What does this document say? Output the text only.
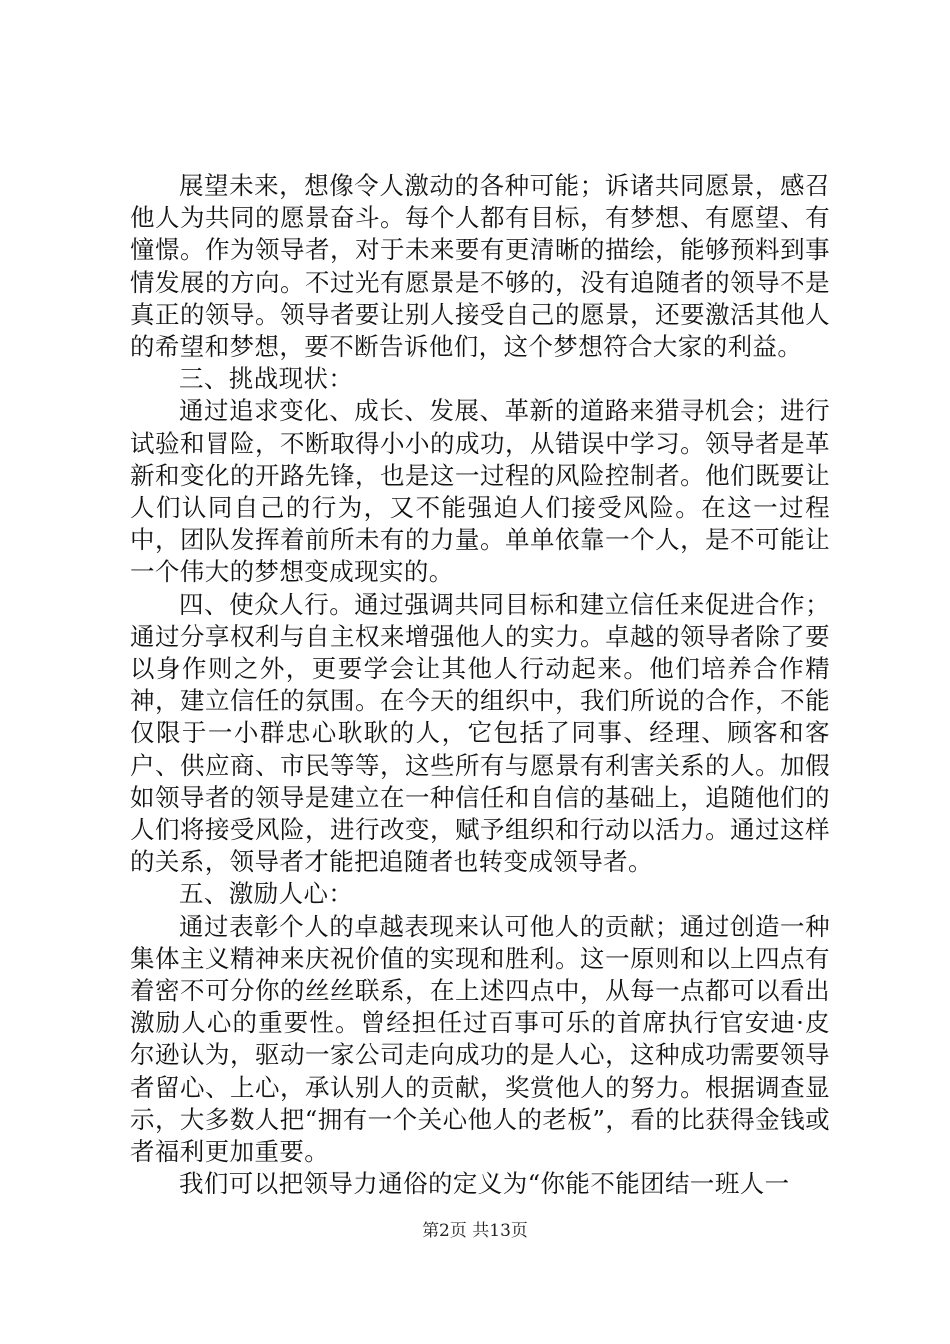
展望未来，想像令人激动的各种可能；诉诸共同愿景，感召他人为共同的愿景奋斗。每个人都有目标，有梦想、有愿望、有憧憬。作为领导者，对于未来要有更清晰的描绘，能够预料到事情发展的方向。不过光有愿景是不够的，没有追随者的领导不是真正的领导。领导者要让别人接受自己的愿景，还要激活其他人的希望和梦想，要不断告诉他们，这个梦想符合大家的利益。

三、挑战现状：

通过追求变化、成长、发展、革新的道路来猎寻机会；进行试验和冒险，不断取得小小的成功，从错误中学习。领导者是革新和变化的开路先锋，也是这一过程的风险控制者。他们既要让人们认同自己的行为，又不能强迫人们接受风险。在这一过程中，团队发挥着前所未有的力量。单单依靠一个人，是不可能让一个伟大的梦想变成现实的。

四、使众人行。通过强调共同目标和建立信任来促进合作；通过分享权利与自主权来增强他人的实力。卓越的领导者除了要以身作则之外，更要学会让其他人行动起来。他们培养合作精神，建立信任的氛围。在今天的组织中，我们所说的合作，不能仅限于一小群忠心耿耿的人，它包括了同事、经理、顾客和客户、供应商、市民等等，这些所有与愿景有利害关系的人。加假如领导者的领导是建立在一种信任和自信的基础上，追随他们的人们将接受风险，进行改变，赋予组织和行动以活力。通过这样的关系，领导者才能把追随者也转变成领导者。

五、激励人心：

通过表彰个人的卓越表现来认可他人的贡献；通过创造一种集体主义精神来庆祝价值的实现和胜利。这一原则和以上四点有着密不可分你的丝丝联系，在上述四点中，从每一点都可以看出激励人心的重要性。曾经担任过百事可乐的首席执行官安迪·皮尔逊认为，驱动一家公司走向成功的是人心，这种成功需要领导者留心、上心，承认别人的贡献，奖赏他人的努力。根据调查显示，大多数人把“拥有一个关心他人的老板”，看的比获得金钱或者福利更加重要。

我们可以把领导力通俗的定义为“你能不能团结一班人一

第2页 共13页
